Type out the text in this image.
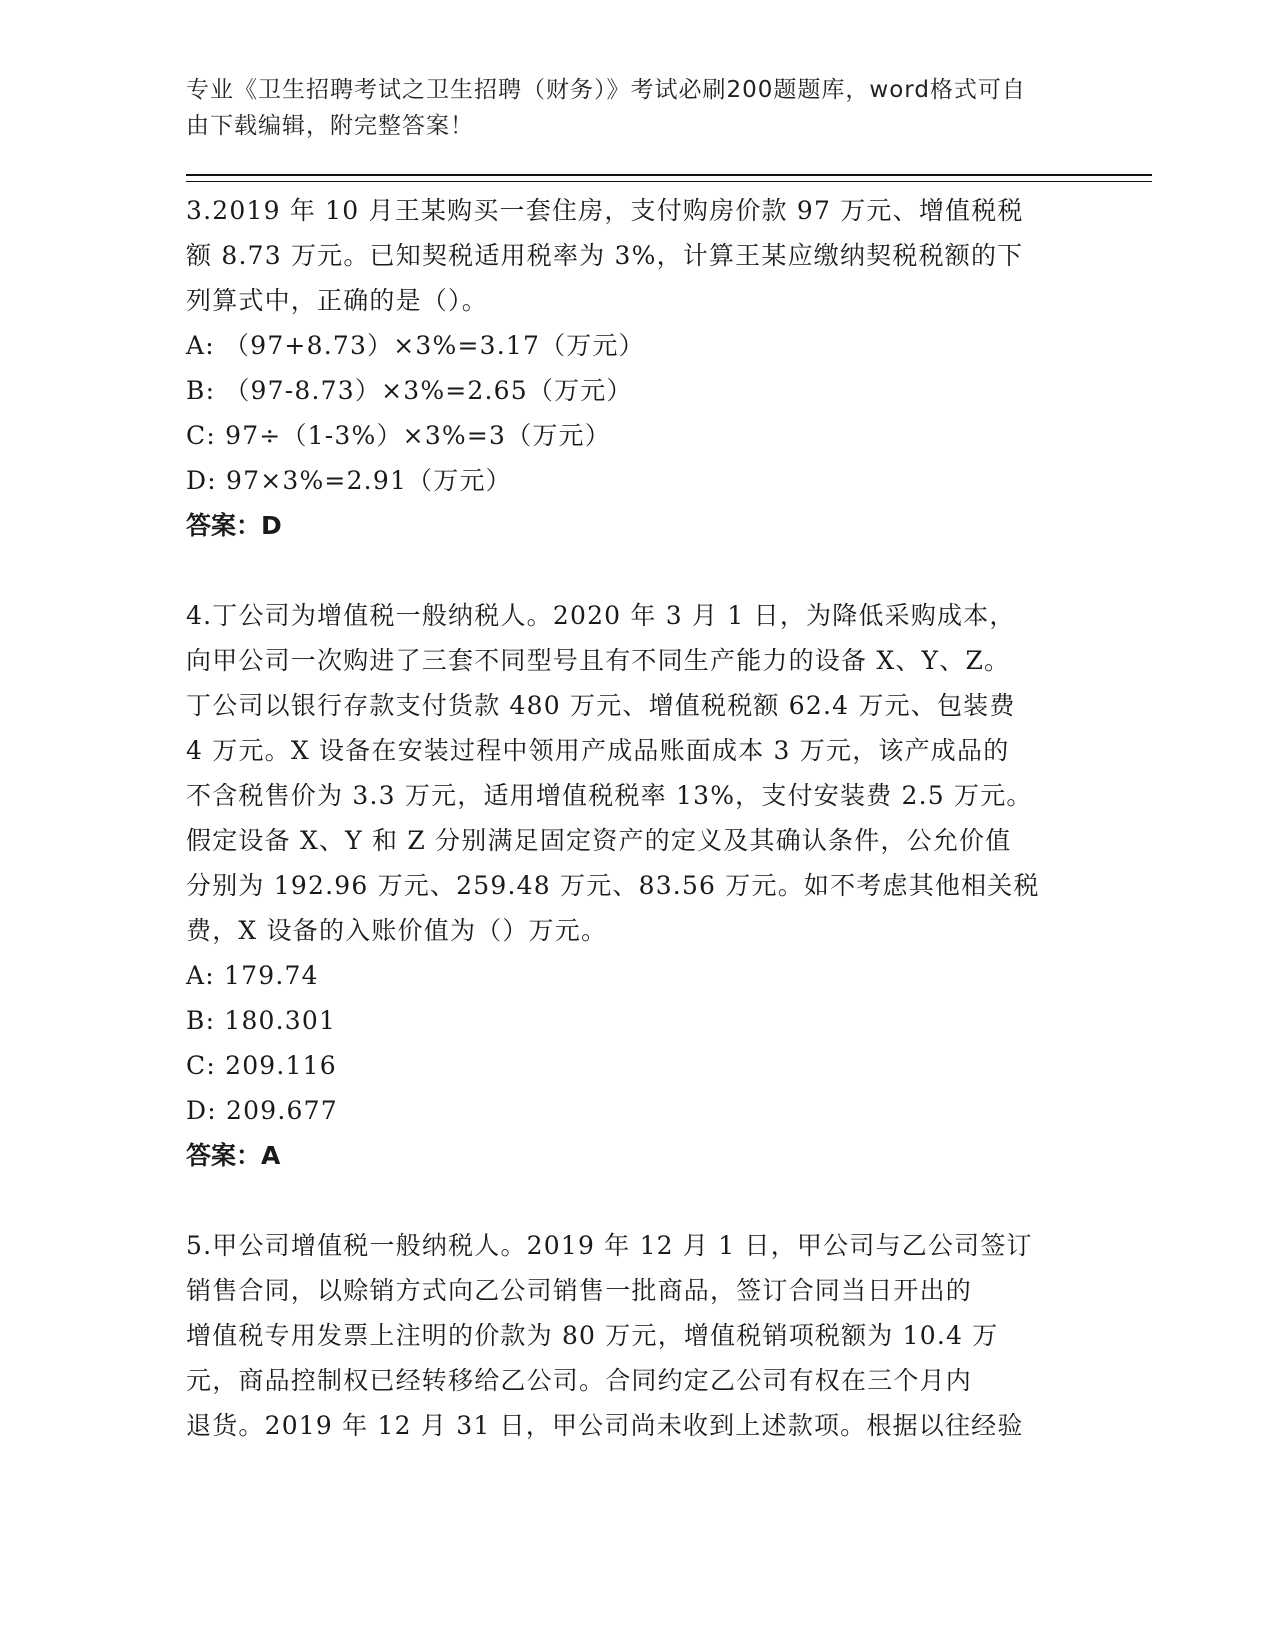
专业《卫生招聘考试之卫生招聘（财务）》考试必刷200题题库，word格式可自
由下载编辑，附完整答案！

3.2019 年 10 月王某购买一套住房，支付购房价款 97 万元、增值税税

额 8.73 万元。已知契税适用税率为 3%，计算王某应缴纳契税税额的下

列算式中，正确的是（）。

A: （97+8.73）×3%=3.17（万元）

B: （97-8.73）×3%=2.65（万元）

C: 97÷（1-3%）×3%=3（万元）

D: 97×3%=2.91（万元）

答案：D

4.丁公司为增值税一般纳税人。2020 年 3 月 1 日，为降低采购成本，

向甲公司一次购进了三套不同型号且有不同生产能力的设备 X、Y、Z。

丁公司以银行存款支付货款 480 万元、增值税税额 62.4 万元、包装费

4 万元。X 设备在安装过程中领用产成品账面成本 3 万元，该产成品的

不含税售价为 3.3 万元，适用增值税税率 13%，支付安装费 2.5 万元。

假定设备 X、Y 和 Z 分别满足固定资产的定义及其确认条件，公允价值

分别为 192.96 万元、259.48 万元、83.56 万元。如不考虑其他相关税

费，X 设备的入账价值为（）万元。

A: 179.74

B: 180.301

C: 209.116

D: 209.677

答案：A

5.甲公司增值税一般纳税人。2019 年 12 月 1 日，甲公司与乙公司签订

销售合同，以赊销方式向乙公司销售一批商品，签订合同当日开出的

增值税专用发票上注明的价款为 80 万元，增值税销项税额为 10.4 万

元，商品控制权已经转移给乙公司。合同约定乙公司有权在三个月内

退货。2019 年 12 月 31 日，甲公司尚未收到上述款项。根据以往经验
